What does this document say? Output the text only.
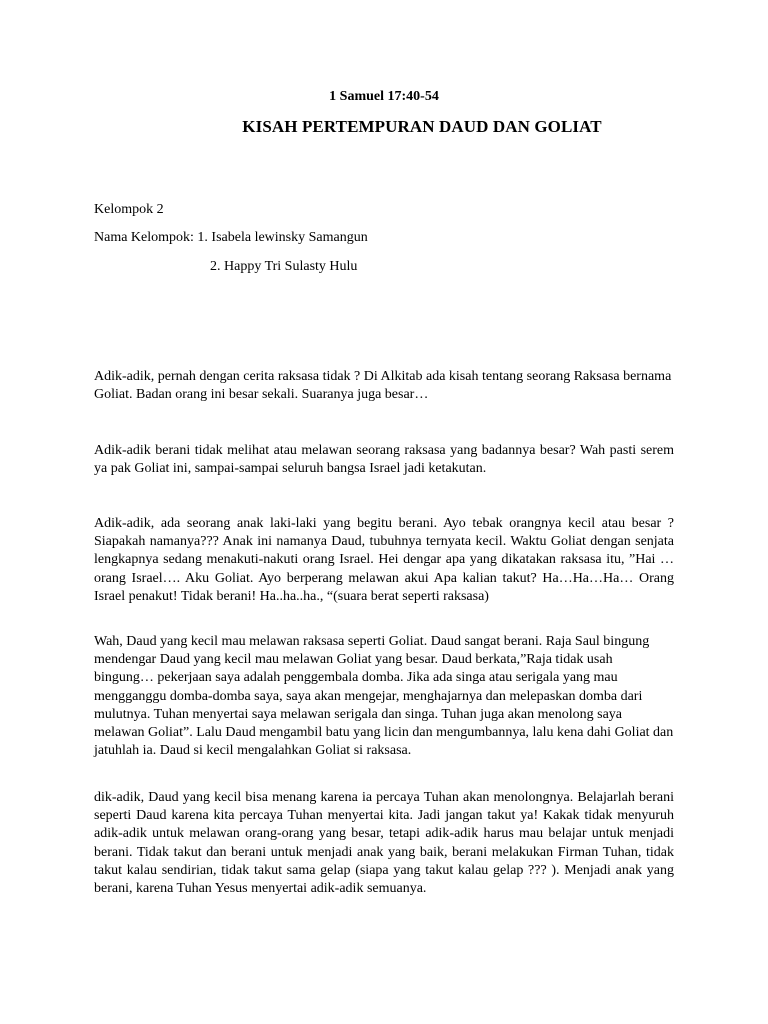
1 Samuel 17:40-54
KISAH PERTEMPURAN DAUD DAN GOLIAT
Kelompok 2
Nama Kelompok: 1. Isabela lewinsky Samangun
2. Happy Tri Sulasty Hulu

Adik-adik, pernah dengan cerita raksasa tidak ? Di Alkitab ada kisah tentang seorang Raksasa bernama Goliat. Badan orang ini besar sekali. Suaranya juga besar…

Adik-adik berani tidak melihat atau melawan seorang raksasa yang badannya besar? Wah pasti serem ya pak Goliat ini, sampai-sampai seluruh bangsa Israel jadi ketakutan.

Adik-adik, ada seorang anak laki-laki yang begitu berani. Ayo tebak orangnya kecil atau besar ? Siapakah namanya??? Anak ini namanya Daud, tubuhnya ternyata kecil. Waktu Goliat dengan senjata lengkapnya sedang menakuti-nakuti orang Israel. Hei dengar apa yang dikatakan raksasa itu, ”Hai … orang Israel…. Aku Goliat. Ayo berperang melawan akui Apa kalian takut? Ha…Ha…Ha… Orang Israel penakut! Tidak berani! Ha..ha..ha., “(suara berat seperti raksasa)

Wah, Daud yang kecil mau melawan raksasa seperti Goliat. Daud sangat berani. Raja Saul bingung mendengar Daud yang kecil mau melawan Goliat yang besar. Daud berkata,”Raja tidak usah bingung… pekerjaan saya adalah penggembala domba. Jika ada singa atau serigala yang mau mengganggu domba-domba saya, saya akan mengejar, menghajarnya dan melepaskan domba dari mulutnya. Tuhan menyertai saya melawan serigala dan singa. Tuhan juga akan menolong saya melawan Goliat”. Lalu Daud mengambil batu yang licin dan mengumbannya, lalu kena dahi Goliat dan jatuhlah ia. Daud si kecil mengalahkan Goliat si raksasa.

dik-adik, Daud yang kecil bisa menang karena ia percaya Tuhan akan menolongnya. Belajarlah berani seperti Daud karena kita percaya Tuhan menyertai kita. Jadi jangan takut ya! Kakak tidak menyuruh adik-adik untuk melawan orang-orang yang besar, tetapi adik-adik harus mau belajar untuk menjadi berani. Tidak takut dan berani untuk menjadi anak yang baik, berani melakukan Firman Tuhan, tidak takut kalau sendirian, tidak takut sama gelap (siapa yang takut kalau gelap ??? ). Menjadi anak yang berani, karena Tuhan Yesus menyertai adik-adik semuanya.
